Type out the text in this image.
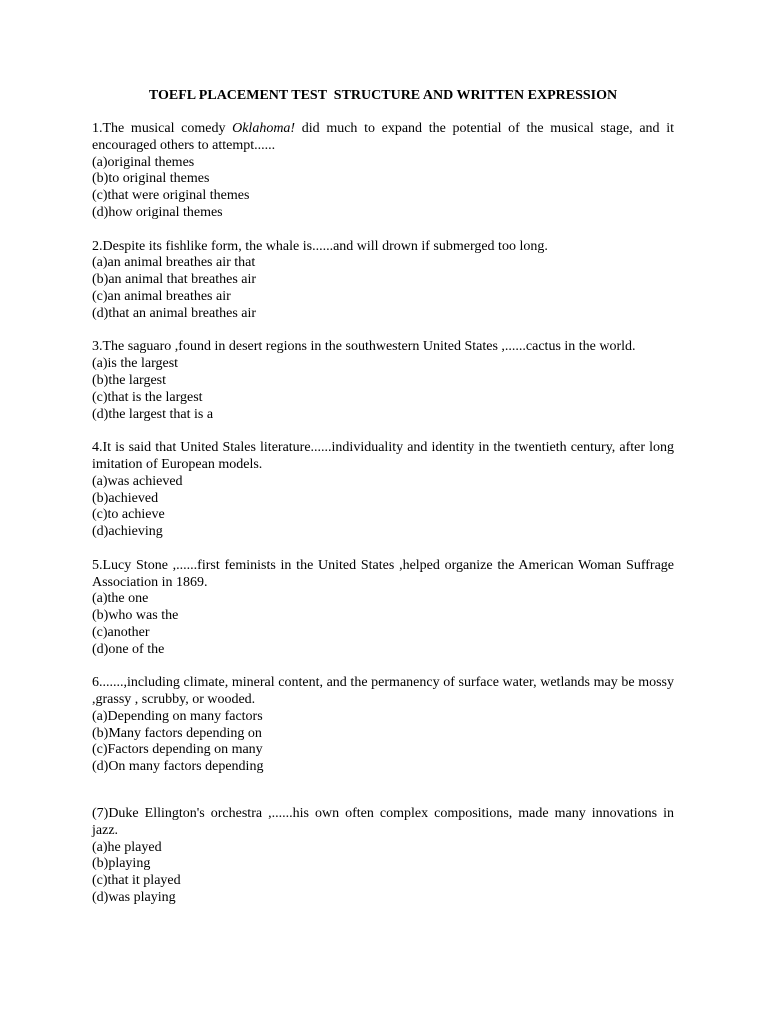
TOEFL PLACEMENT TEST  STRUCTURE AND WRITTEN EXPRESSION

1.The musical comedy Oklahoma! did much to expand the potential of the musical stage, and it encouraged others to attempt......

(a)original themes
(b)to original themes
(c)that were original themes
(d)how original themes

2.Despite its fishlike form, the whale is......and will drown if submerged too long.

(a)an animal breathes air that
(b)an animal that breathes air
(c)an animal breathes air
(d)that an animal breathes air

3.The saguaro ,found in desert regions in the southwestern United States ,......cactus in the world.

(a)is the largest
(b)the largest
(c)that is the largest
(d)the largest that is a

4.It is said that United Stales literature......individuality and identity in the twentieth century, after long imitation of European models.

(a)was achieved
(b)achieved
(c)to achieve
(d)achieving

5.Lucy Stone ,......first feminists in the United States ,helped organize the American Woman Suffrage Association in 1869.

(a)the one
(b)who was the
(c)another
(d)one of the

6.......,including climate, mineral content, and the permanency of surface water, wetlands may be mossy ,grassy , scrubby, or wooded.

(a)Depending on many factors
(b)Many factors depending on
(c)Factors depending on many
(d)On many factors depending

(7)Duke Ellington's orchestra ,......his own often complex compositions, made many innovations in jazz.

(a)he played
(b)playing
(c)that it played
(d)was playing
